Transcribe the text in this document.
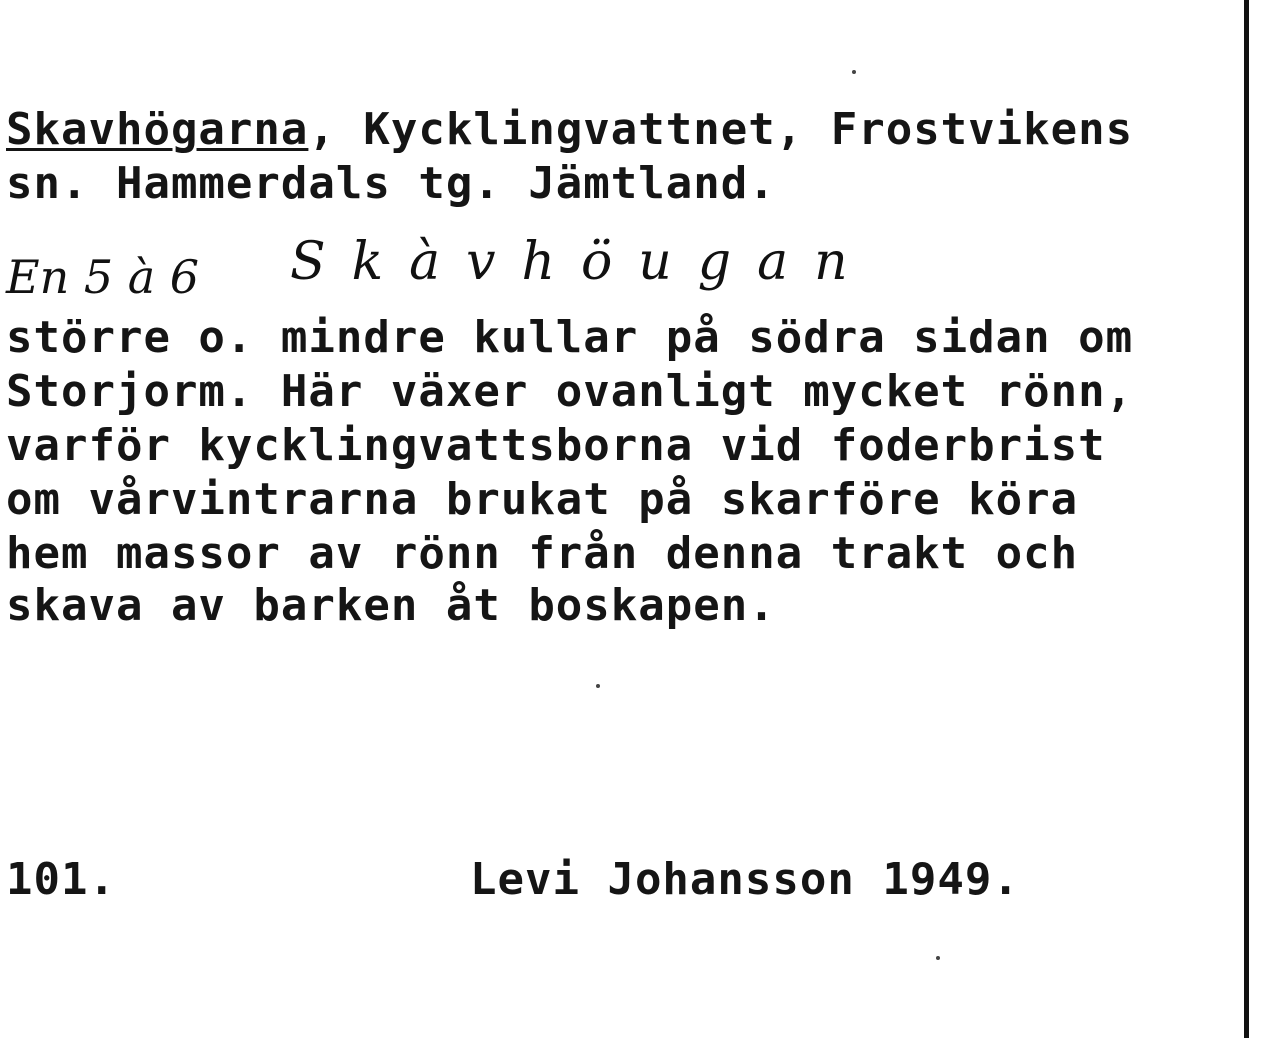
Skavhögarna, Kycklingvattnet, Frostvikens
sn. Hammerdals tg. Jämtland.
En 5 à 6 Skàvhöugan
större o. mindre kullar på södra sidan om
Storjorm. Här växer ovanligt mycket rönn,
varför kycklingvattsborna vid foderbrist
om vårvintrarna brukat på skarföre köra
hem massor av rönn från denna trakt och
skava av barken åt boskapen.
101.	Levi Johansson 1949.
